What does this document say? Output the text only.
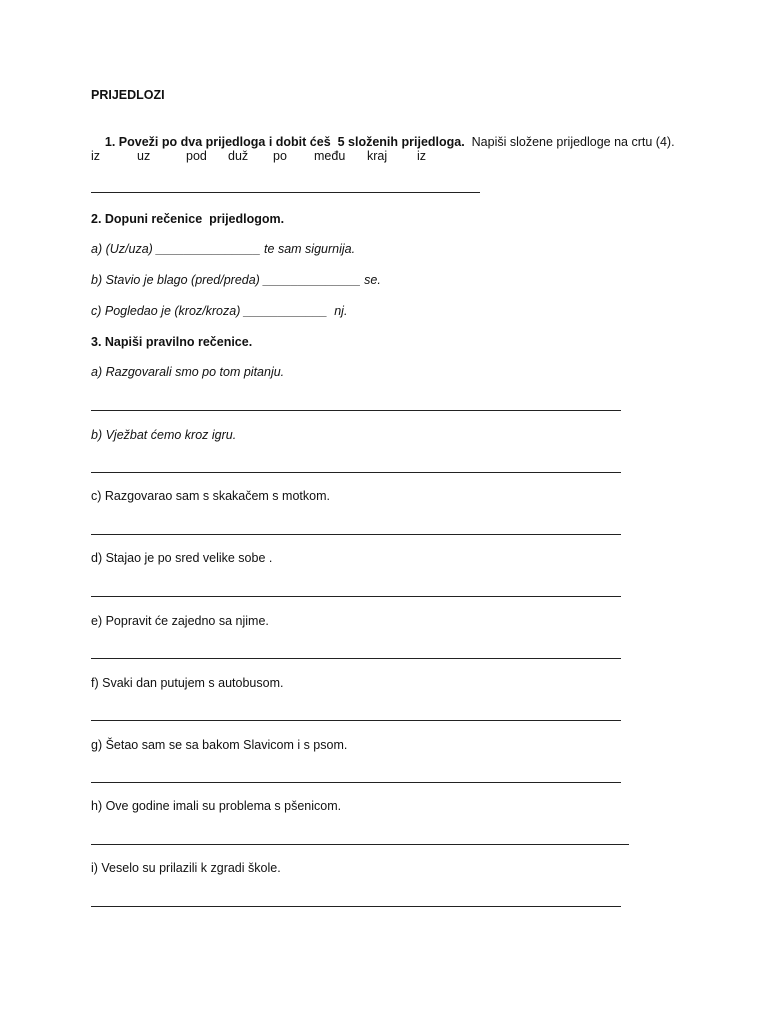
PRIJEDLOZI

1. Poveži po dva prijedloga i dobit ćeš  5 složenih prijedloga. Napiši složene prijedloge na crtu (4).

iz	uz	pod duž po među kraj iz
2. Dopuni rečenice  prijedlogom.
a) (Uz/uza) _______________ te sam sigurnija.
b) Stavio je blago (pred/preda) ______________ se.
c) Pogledao je (kroz/kroza) ____________  nj.
3. Napiši pravilno rečenice.
a) Razgovarali smo po tom pitanju.
b) Vježbat ćemo kroz igru.
c) Razgovarao sam s skakačem s motkom.
d) Stajao je po sred velike sobe .
e) Popravit će zajedno sa njime.
f) Svaki dan putujem s autobusom.
g) Šetao sam se sa bakom Slavicom i s psom.
h) Ove godine imali su problema s pšenicom.
i) Veselo su prilazili k zgradi škole.
